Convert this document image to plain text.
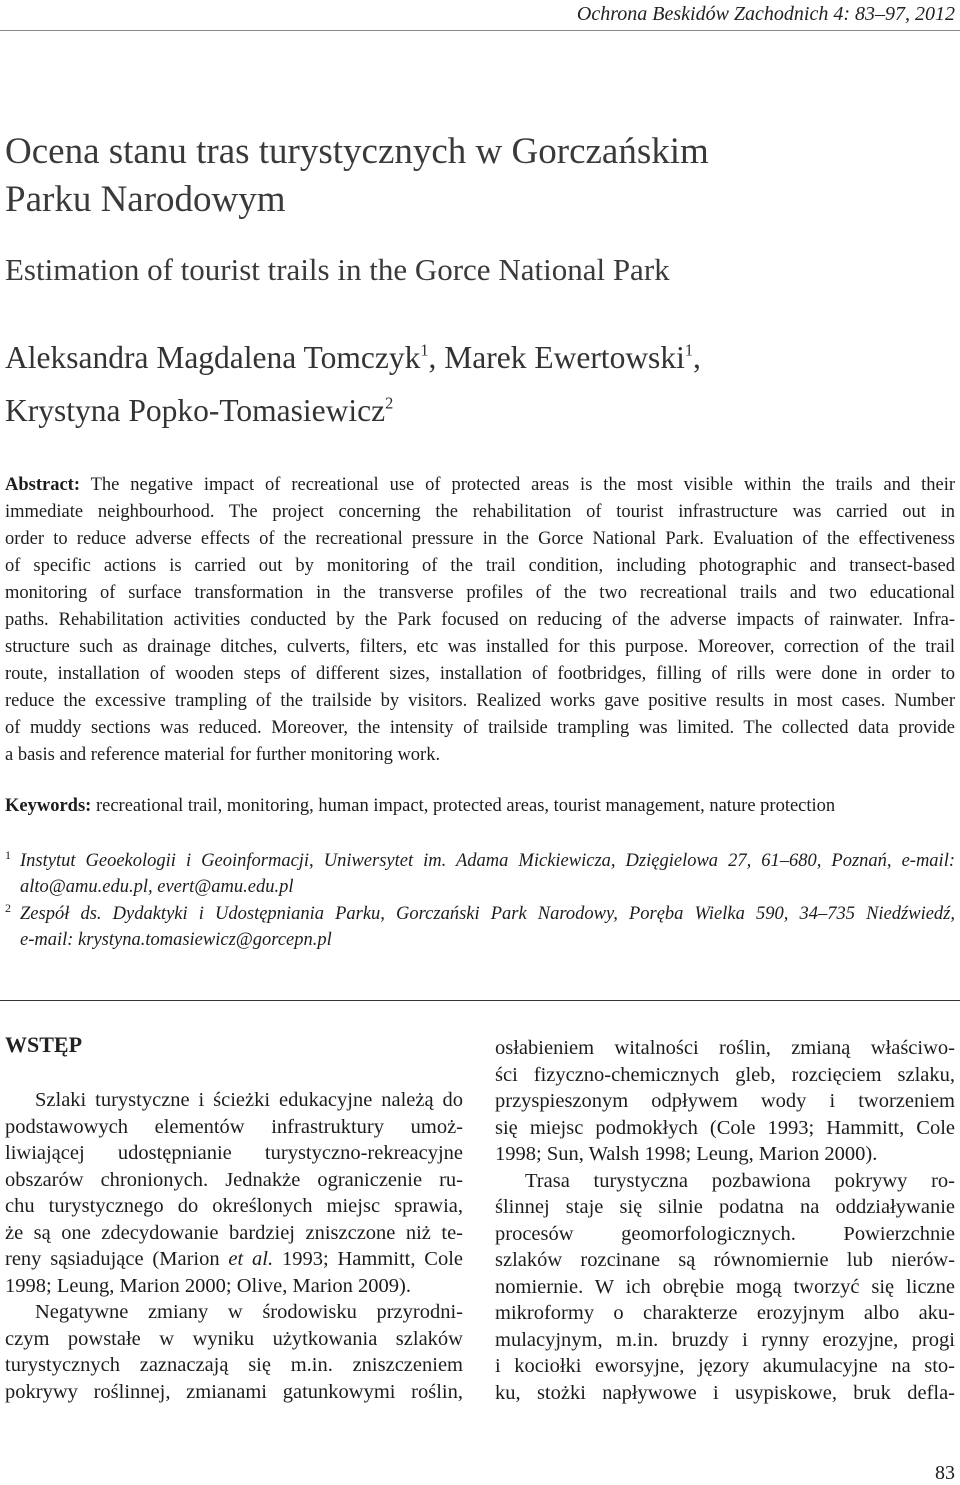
Ochrona Beskidów Zachodnich 4: 83–97, 2012
Ocena stanu tras turystycznych w Gorczańskim
Parku Narodowym
Estimation of tourist trails in the Gorce National Park
Aleksandra Magdalena Tomczyk$^1$, Marek Ewertowski$^1$,
Krystyna Popko-Tomasiewicz$^2$
Abstract: The negative impact of recreational use of protected areas is the most visible within the trails and their
immediate neighbourhood. The project concerning the rehabilitation of tourist infrastructure was carried out in
order to reduce adverse effects of the recreational pressure in the Gorce National Park. Evaluation of the effectiveness
of specific actions is carried out by monitoring of the trail condition, including photographic and transect-based
monitoring of surface transformation in the transverse profiles of the two recreational trails and two educational
paths. Rehabilitation activities conducted by the Park focused on reducing of the adverse impacts of rainwater. Infra-
structure such as drainage ditches, culverts, filters, etc was installed for this purpose. Moreover, correction of the trail
route, installation of wooden steps of different sizes, installation of footbridges, filling of rills were done in order to
reduce the excessive trampling of the trailside by visitors. Realized works gave positive results in most cases. Number
of muddy sections was reduced. Moreover, the intensity of trailside trampling was limited. The collected data provide
a basis and reference material for further monitoring work.
Keywords: recreational trail, monitoring, human impact, protected areas, tourist management, nature protection
1 Instytut Geoekologii i Geoinformacji, Uniwersytet im. Adama Mickiewicza, Dzięgielowa 27, 61–680, Poznań, e-mail:
alto@amu.edu.pl, evert@amu.edu.pl
2 Zespół ds. Dydaktyki i Udostępniania Parku, Gorczański Park Narodowy, Poręba Wielka 590, 34–735 Niedźwiedź,
e-mail: krystyna.tomasiewicz@gorcepn.pl
WSTĘP
Szlaki turystyczne i ścieżki edukacyjne należą do
podstawowych elementów infrastruktury umoż-
liwiającej udostępnianie turystyczno-rekreacyjne
obszarów chronionych. Jednakże ograniczenie ru-
chu turystycznego do określonych miejsc sprawia,
że są one zdecydowanie bardziej zniszczone niż te-
reny sąsiadujące (Marion et al. 1993; Hammitt, Cole
1998; Leung, Marion 2000; Olive, Marion 2009).
Negatywne zmiany w środowisku przyrodni-
czym powstałe w wyniku użytkowania szlaków
turystycznych zaznaczają się m.in. zniszczeniem
pokrywy roślinnej, zmianami gatunkowymi roślin,
osłabieniem witalności roślin, zmianą właściwo-
ści fizyczno-chemicznych gleb, rozcięciem szlaku,
przyspieszonym odpływem wody i tworzeniem
się miejsc podmokłych (Cole 1993; Hammitt, Cole
1998; Sun, Walsh 1998; Leung, Marion 2000).
Trasa turystyczna pozbawiona pokrywy ro-
ślinnej staje się silnie podatna na oddziaływanie
procesów geomorfologicznych. Powierzchnie
szlaków rozcinane są równomiernie lub nierów-
nomiernie. W ich obrębie mogą tworzyć się liczne
mikroformy o charakterze erozyjnym albo aku-
mulacyjnym, m.in. bruzdy i rynny erozyjne, progi
i kociołki eworsyjne, jęzory akumulacyjne na sto-
ku, stożki napływowe i usypiskowe, bruk defla-
83
